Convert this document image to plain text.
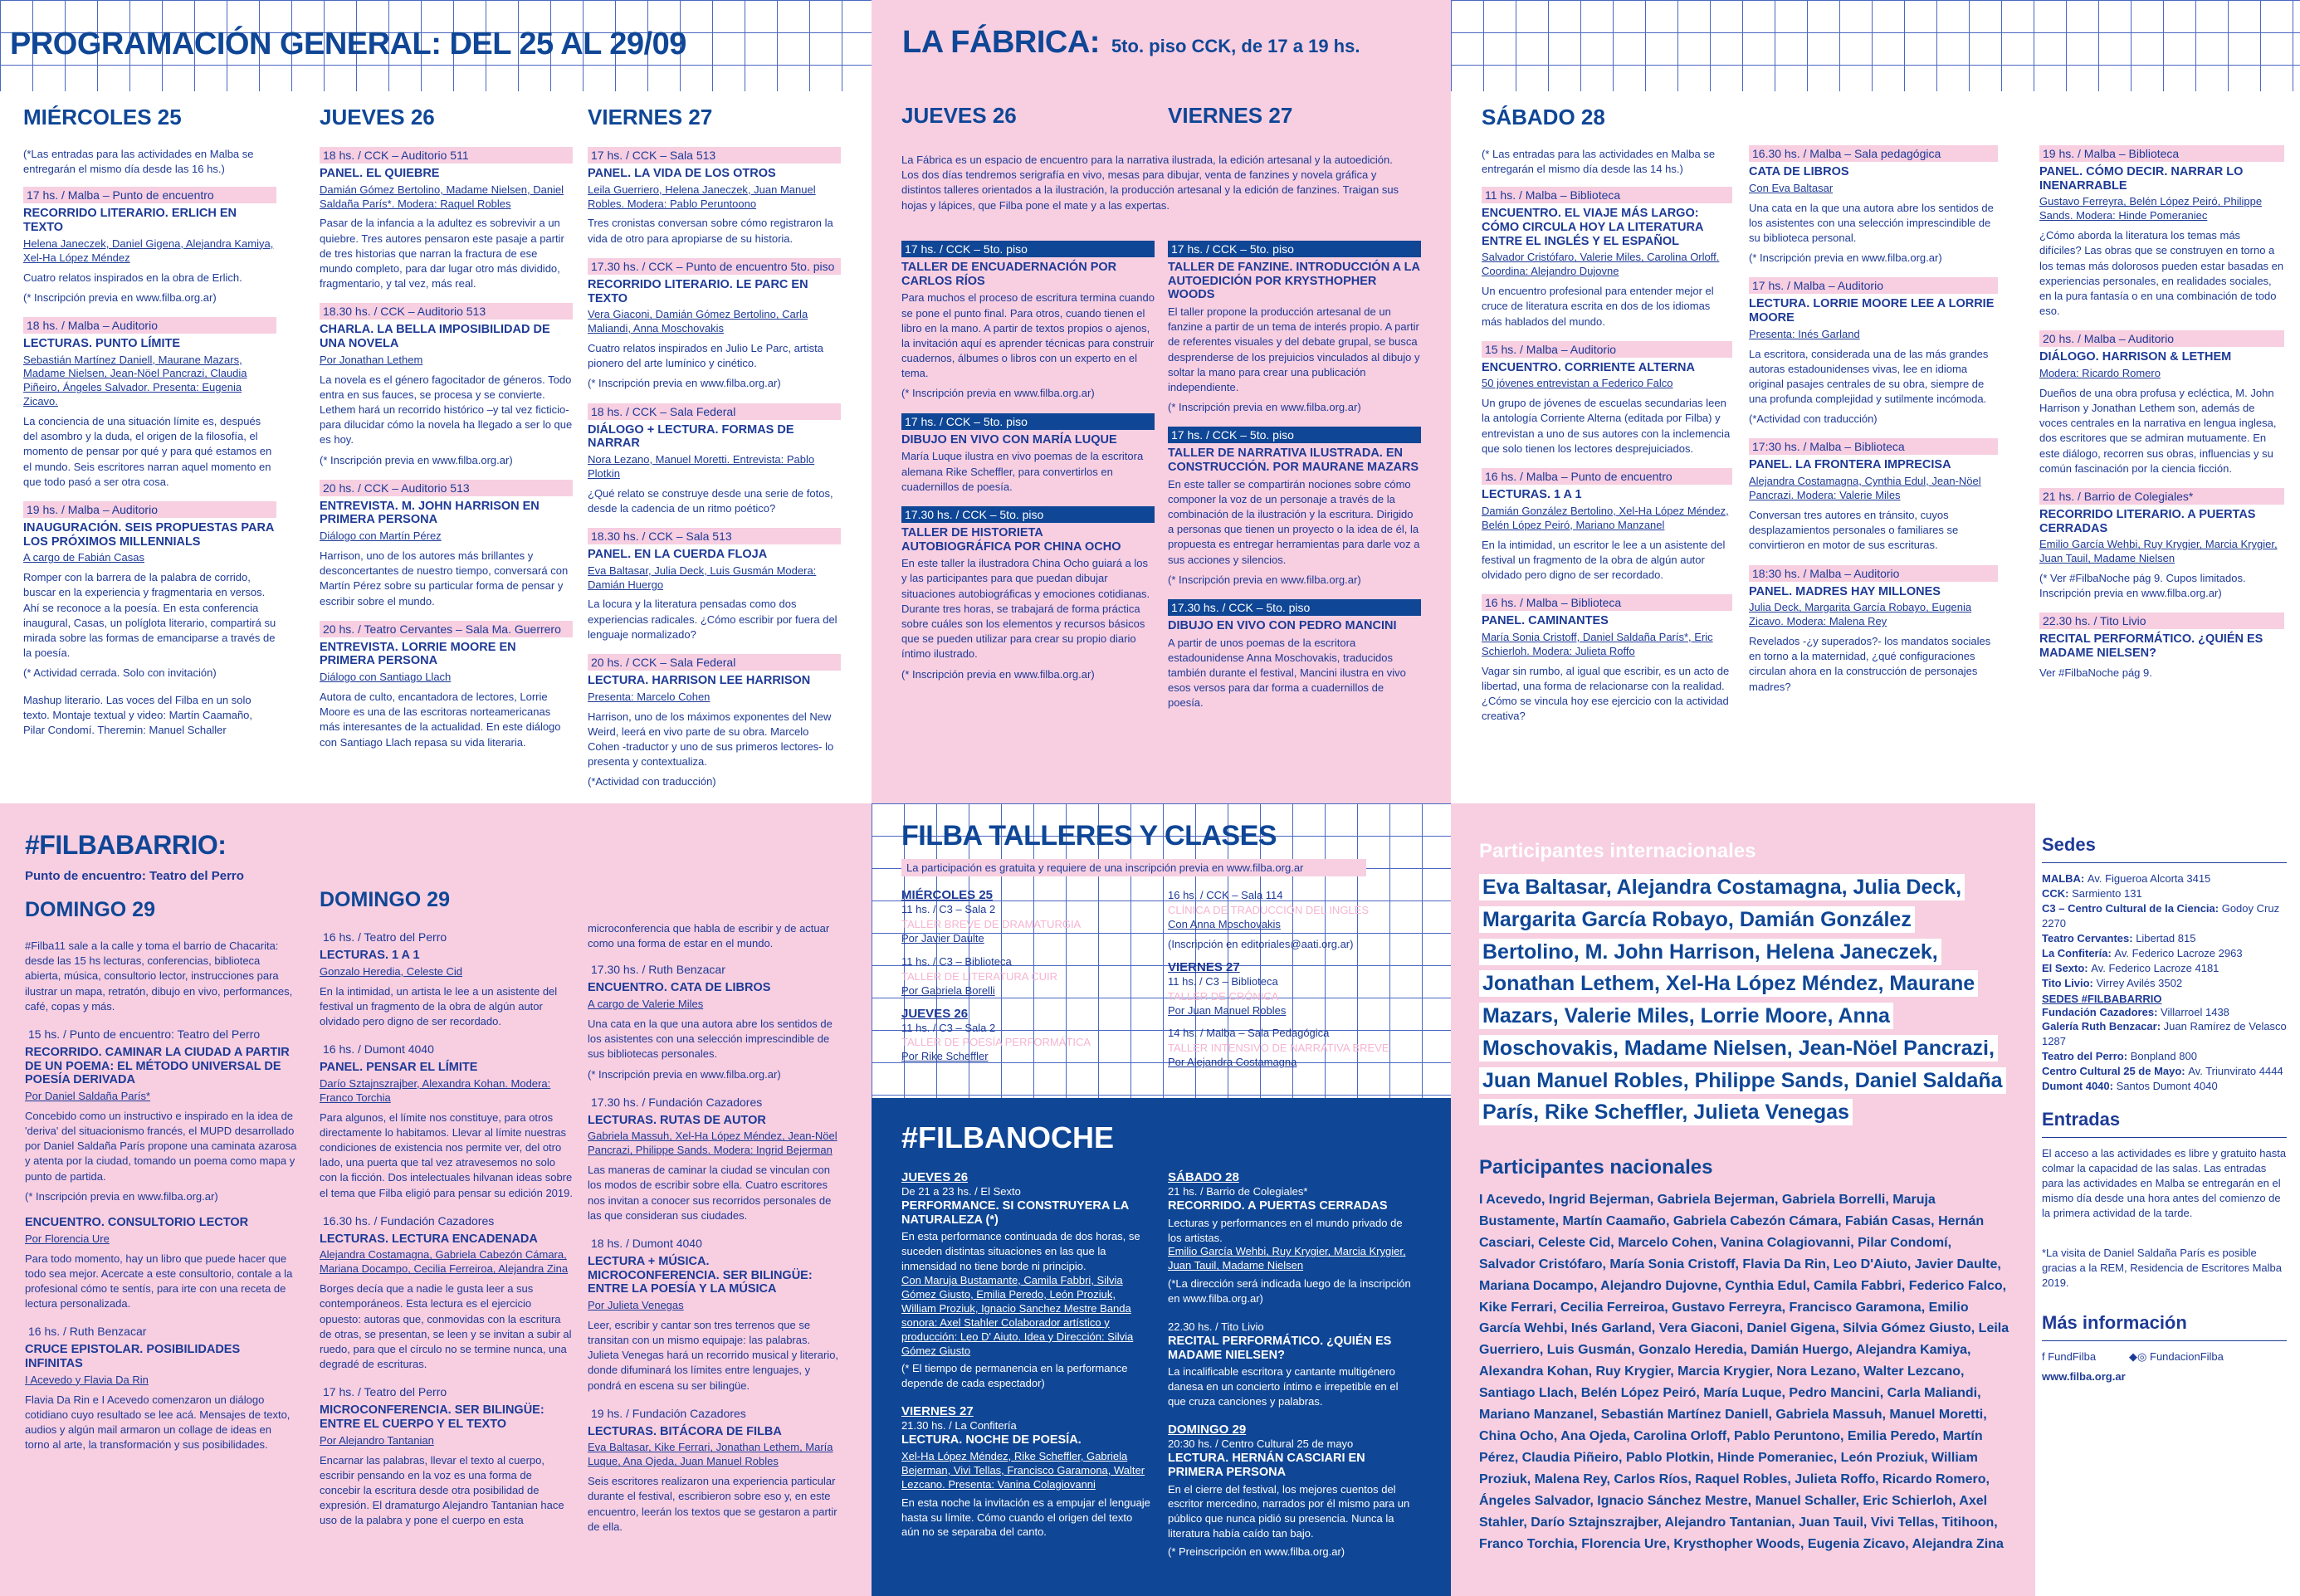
PROGRAMACIÓN GENERAL: DEL 25 AL 29/09	LA FÁBRICA: 5to. piso CCK, de 17 a 19 hs.
MIÉRCOLES 25
(*Las entradas para las actividades en Malba se entregarán el mismo día desde las 16 hs.)
17 hs. / Malba – Punto de encuentro
RECORRIDO LITERARIO. ERLICH EN TEXTO
Helena Janeczek, Daniel Gigena, Alejandra Kamiya, Xel-Ha López Méndez
Cuatro relatos inspirados en la obra de Erlich.
(* Inscripción previa en www.filba.org.ar)
18 hs. / Malba – Auditorio
LECTURAS. PUNTO LÍMITE
Sebastián Martínez Daniell, Maurane Mazars, Madame Nielsen, Jean-Nöel Pancrazi, Claudia Piñeiro, Ángeles Salvador. Presenta: Eugenia Zicavo.
La conciencia de una situación límite es, después del asombro y la duda, el origen de la filosofía, el momento de pensar por qué y para qué estamos en el mundo. Seis escritores narran aquel momento en que todo pasó a ser otra cosa.
19 hs. / Malba – Auditorio
INAUGURACIÓN. SEIS PROPUESTAS PARA LOS PRÓXIMOS MILLENNIALS
A cargo de Fabián Casas
Romper con la barrera de la palabra de corrido, buscar en la experiencia y fragmentaria en versos. Ahí se reconoce a la poesía. En esta conferencia inaugural, Casas, un políglota literario, compartirá su mirada sobre las formas de emanciparse a través de la poesía.
(* Actividad cerrada. Solo con invitación)
Mashup literario. Las voces del Filba en un solo texto. Montaje textual y video: Martín Caamaño, Pilar Condomí. Theremin: Manuel Schaller
JUEVES 26
18 hs. / CCK – Auditorio 511
PANEL. EL QUIEBRE
Damián Gómez Bertolino, Madame Nielsen, Daniel Saldaña París*. Modera: Raquel Robles
Pasar de la infancia a la adultez es sobrevivir a un quiebre. Tres autores pensaron este pasaje a partir de tres historias que narran la fractura de ese mundo completo, para dar lugar otro más dividido, fragmentario, y tal vez, más real.
18.30 hs. / CCK – Auditorio 513
CHARLA. LA BELLA IMPOSIBILIDAD DE UNA NOVELA
Por Jonathan Lethem
La novela es el género fagocitador de géneros. Todo entra en sus fauces, se procesa y se convierte. Lethem hará un recorrido histórico –y tal vez ficticio- para dilucidar cómo la novela ha llegado a ser lo que es hoy.
(* Inscripción previa en www.filba.org.ar)
20 hs. / CCK – Auditorio 513
ENTREVISTA. M. JOHN HARRISON EN PRIMERA PERSONA
Diálogo con Martín Pérez
Harrison, uno de los autores más brillantes y desconcertantes de nuestro tiempo, conversará con Martín Pérez sobre su particular forma de pensar y escribir sobre el mundo.
20 hs. / Teatro Cervantes – Sala Ma. Guerrero
ENTREVISTA. LORRIE MOORE EN PRIMERA PERSONA
Diálogo con Santiago Llach
Autora de culto, encantadora de lectores, Lorrie Moore es una de las escritoras norteamericanas más interesantes de la actualidad. En este diálogo con Santiago Llach repasa su vida literaria.
VIERNES 27
17 hs. / CCK – Sala 513
PANEL. LA VIDA DE LOS OTROS
Leila Guerriero, Helena Janeczek, Juan Manuel Robles. Modera: Pablo Peruntoono
Tres cronistas conversan sobre cómo registraron la vida de otro para apropiarse de su historia.
17.30 hs. / CCK – Punto de encuentro 5to. piso
RECORRIDO LITERARIO. LE PARC EN TEXTO
Vera Giaconi, Damián Gómez Bertolino, Carla Maliandi, Anna Moschovakis
Cuatro relatos inspirados en Julio Le Parc, artista pionero del arte lumínico y cinético.
(* Inscripción previa en www.filba.org.ar)
18 hs. / CCK – Sala Federal
DIÁLOGO + LECTURA. FORMAS DE NARRAR
Nora Lezano, Manuel Moretti. Entrevista: Pablo Plotkin
¿Qué relato se construye desde una serie de fotos, desde la cadencia de un ritmo poético?
18.30 hs. / CCK – Sala 513
PANEL. EN LA CUERDA FLOJA
Eva Baltasar, Julia Deck, Luis Gusmán Modera: Damián Huergo
La locura y la literatura pensadas como dos experiencias radicales. ¿Cómo escribir por fuera del lenguaje normalizado?
20 hs. / CCK – Sala Federal
LECTURA. HARRISON LEE HARRISON
Presenta: Marcelo Cohen
Harrison, uno de los máximos exponentes del New Weird, leerá en vivo parte de su obra. Marcelo Cohen -traductor y uno de sus primeros lectores- lo presenta y contextualiza.
(*Actividad con traducción)
JUEVES 26	VIERNES 27
La Fábrica es un espacio de encuentro para la narrativa ilustrada, la edición artesanal y la autoedición. Los dos días tendremos serigrafía en vivo, mesas para dibujar, venta de fanzines y novela gráfica y distintos talleres orientados a la ilustración, la producción artesanal y la edición de fanzines. Traigan sus hojas y lápices, que Filba pone el mate y a las expertas.
17 hs. / CCK – 5to. piso
TALLER DE ENCUADERNACIÓN POR CARLOS RÍOS
Para muchos el proceso de escritura termina cuando se pone el punto final. Para otros, cuando tienen el libro en la mano. A partir de textos propios o ajenos, la invitación aquí es aprender técnicas para construir cuadernos, álbumes o libros con un experto en el tema.
(* Inscripción previa en www.filba.org.ar)
17 hs. / CCK – 5to. piso
DIBUJO EN VIVO CON MARÍA LUQUE
María Luque ilustra en vivo poemas de la escritora alemana Rike Scheffler, para convertirlos en cuadernillos de poesía.
17.30 hs. / CCK – 5to. piso
TALLER DE HISTORIETA AUTOBIOGRÁFICA POR CHINA OCHO
En este taller la ilustradora China Ocho guiará a los y las participantes para que puedan dibujar situaciones autobiográficas y emociones cotidianas. Durante tres horas, se trabajará de forma práctica sobre cuáles son los elementos y recursos básicos que se pueden utilizar para crear su propio diario íntimo ilustrado.
(* Inscripción previa en www.filba.org.ar)
17 hs. / CCK – 5to. piso
TALLER DE FANZINE. INTRODUCCIÓN A LA AUTOEDICIÓN POR KRYSTHOPHER WOODS
El taller propone la producción artesanal de un fanzine a partir de un tema de interés propio. A partir de referentes visuales y del debate grupal, se busca desprenderse de los prejuicios vinculados al dibujo y soltar la mano para crear una publicación independiente.
(* Inscripción previa en www.filba.org.ar)
17 hs. / CCK – 5to. piso
TALLER DE NARRATIVA ILUSTRADA. EN CONSTRUCCIÓN. POR MAURANE MAZARS
En este taller se compartirán nociones sobre cómo componer la voz de un personaje a través de la combinación de la ilustración y la escritura. Dirigido a personas que tienen un proyecto o la idea de él, la propuesta es entregar herramientas para darle voz a sus acciones y silencios.
(* Inscripción previa en www.filba.org.ar)
17.30 hs. / CCK – 5to. piso
DIBUJO EN VIVO CON PEDRO MANCINI
A partir de unos poemas de la escritora estadounidense Anna Moschovakis, traducidos también durante el festival, Mancini ilustra en vivo esos versos para dar forma a cuadernillos de poesía.
SÁBADO 28
(* Las entradas para las actividades en Malba se entregarán el mismo día desde las 14 hs.)
11 hs. / Malba – Biblioteca
ENCUENTRO. EL VIAJE MÁS LARGO: CÓMO CIRCULA HOY LA LITERATURA ENTRE EL INGLÉS Y EL ESPAÑOL
Salvador Cristófaro, Valerie Miles, Carolina Orloff. Coordina: Alejandro Dujovne
Un encuentro profesional para entender mejor el cruce de literatura escrita en dos de los idiomas más hablados del mundo.
15 hs. / Malba – Auditorio
ENCUENTRO. CORRIENTE ALTERNA
50 jóvenes entrevistan a Federico Falco
Un grupo de jóvenes de escuelas secundarias leen la antología Corriente Alterna (editada por Filba) y entrevistan a uno de sus autores con la inclemencia que solo tienen los lectores desprejuiciados.
16 hs. / Malba – Punto de encuentro
LECTURAS. 1 A 1
Damián González Bertolino, Xel-Ha López Méndez, Belén López Peiró, Mariano Manzanel
En la intimidad, un escritor le lee a un asistente del festival un fragmento de la obra de algún autor olvidado pero digno de ser recordado.
16 hs. / Malba – Biblioteca
PANEL. CAMINANTES
María Sonia Cristoff, Daniel Saldaña París*, Eric Schierloh. Modera: Julieta Roffo
Vagar sin rumbo, al igual que escribir, es un acto de libertad, una forma de relacionarse con la realidad. ¿Cómo se vincula hoy ese ejercicio con la actividad creativa?
16.30 hs. / Malba – Sala pedagógica
CATA DE LIBROS
Con Eva Baltasar
Una cata en la que una autora abre los sentidos de los asistentes con una selección imprescindible de su biblioteca personal.
(* Inscripción previa en www.filba.org.ar)
17 hs. / Malba – Auditorio
LECTURA. LORRIE MOORE LEE A LORRIE MOORE
Presenta: Inés Garland
La escritora, considerada una de las más grandes autoras estadounidenses vivas, lee en idioma original pasajes centrales de su obra, siempre de una profunda complejidad y sutilmente incómoda.
(*Actividad con traducción)
17:30 hs. / Malba – Biblioteca
PANEL. LA FRONTERA IMPRECISA
Alejandra Costamagna, Cynthia Edul, Jean-Nöel Pancrazi. Modera: Valerie Miles
Conversan tres autores en tránsito, cuyos desplazamientos personales o familiares se convirtieron en motor de sus escrituras.
18:30 hs. / Malba – Auditorio
PANEL. MADRES HAY MILLONES
Julia Deck, Margarita García Robayo, Eugenia Zicavo. Modera: Malena Rey
Revelados -¿y superados?- los mandatos sociales en torno a la maternidad, ¿qué configuraciones circulan ahora en la construcción de personajes madres?
19 hs. / Malba – Biblioteca
PANEL. CÓMO DECIR. NARRAR LO INENARRABLE
Gustavo Ferreyra, Belén López Peiró, Philippe Sands. Modera: Hinde Pomeraniec
¿Cómo aborda la literatura los temas más difíciles? Las obras que se construyen en torno a los temas más dolorosos pueden estar basadas en experiencias personales, en realidades sociales, en la pura fantasía o en una combinación de todo eso.
20 hs. / Malba – Auditorio
DIÁLOGO. HARRISON & LETHEM
Modera: Ricardo Romero
Dueños de una obra profusa y ecléctica, M. John Harrison y Jonathan Lethem son, además de voces centrales en la narrativa en lengua inglesa, dos escritores que se admiran mutuamente. En este diálogo, recorren sus obras, influencias y su común fascinación por la ciencia ficción.
21 hs. / Barrio de Colegiales*
RECORRIDO LITERARIO. A PUERTAS CERRADAS
Emilio García Wehbi, Ruy Krygier, Marcia Krygier, Juan Tauil, Madame Nielsen
(* Ver #FilbaNoche pág 9. Cupos limitados. Inscripción previa en www.filba.org.ar)
22.30 hs. / Tito Livio
RECITAL PERFORMÁTICO. ¿QUIÉN ES MADAME NIELSEN?
Ver #FilbaNoche pág 9.
#FILBABARRIO:
Punto de encuentro: Teatro del Perro
DOMINGO 29
#Filba11 sale a la calle y toma el barrio de Chacarita: desde las 15 hs lecturas, conferencias, biblioteca abierta, música, consultorio lector, instrucciones para ilustrar un mapa, retratón, dibujo en vivo, performances, café, copas y más.
15 hs. / Punto de encuentro: Teatro del Perro
RECORRIDO. CAMINAR LA CIUDAD A PARTIR DE UN POEMA: EL MÉTODO UNIVERSAL DE POESÍA DERIVADA
Por Daniel Saldaña París*
Concebido como un instructivo e inspirado en la idea de 'deriva' del situacionismo francés, el MUPD desarrollado por Daniel Saldaña París propone una caminata azarosa y atenta por la ciudad, tomando un poema como mapa y punto de partida.
(* Inscripción previa en www.filba.org.ar)
ENCUENTRO. CONSULTORIO LECTOR
Por Florencia Ure
Para todo momento, hay un libro que puede hacer que todo sea mejor. Acercate a este consultorio, contale a la profesional cómo te sentís, para irte con una receta de lectura personalizada.
16 hs. / Ruth Benzacar
CRUCE EPISTOLAR. POSIBILIDADES INFINITAS
I Acevedo y Flavia Da Rin
Flavia Da Rin e I Acevedo comenzaron un diálogo cotidiano cuyo resultado se lee acá. Mensajes de texto, audios y algún mail armaron un collage de ideas en torno al arte, la transformación y sus posibilidades.
DOMINGO 29
16 hs. / Teatro del Perro
LECTURAS. 1 A 1
Gonzalo Heredia, Celeste Cid
En la intimidad, un artista le lee a un asistente del festival un fragmento de la obra de algún autor olvidado pero digno de ser recordado.
16 hs. / Dumont 4040
PANEL. PENSAR EL LÍMITE
Darío Sztajnszrajber, Alexandra Kohan. Modera: Franco Torchia
Para algunos, el límite nos constituye, para otros directamente lo habitamos. Llevar al límite nuestras condiciones de existencia nos permite ver, del otro lado, una puerta que tal vez atravesemos no solo con la ficción. Dos intelectuales hilvanan ideas sobre el tema que Filba eligió para pensar su edición 2019.
16.30 hs. / Fundación Cazadores
LECTURAS. LECTURA ENCADENADA
Alejandra Costamagna, Gabriela Cabezón Cámara, Mariana Docampo, Cecilia Ferreiroa, Alejandra Zina
Borges decía que a nadie le gusta leer a sus contemporáneos. Esta lectura es el ejercicio opuesto: autoras que, conmovidas con la escritura de otras, se presentan, se leen y se invitan a subir al ruedo, para que el círculo no se termine nunca, una degradé de escrituras.
17 hs. / Teatro del Perro
MICROCONFERENCIA. SER BILINGÜE: ENTRE EL CUERPO Y EL TEXTO
Por Alejandro Tantanian
Encarnar las palabras, llevar el texto al cuerpo, escribir pensando en la voz es una forma de concebir la escritura desde otra posibilidad de expresión. El dramaturgo Alejandro Tantanian hace uso de la palabra y pone el cuerpo en esta
microconferencia que habla de escribir y de actuar como una forma de estar en el mundo.
17.30 hs. / Ruth Benzacar
ENCUENTRO. CATA DE LIBROS
A cargo de Valerie Miles
Una cata en la que una autora abre los sentidos de los asistentes con una selección imprescindible de sus bibliotecas personales.
(* Inscripción previa en www.filba.org.ar)
17.30 hs. / Fundación Cazadores
LECTURAS. RUTAS DE AUTOR
Gabriela Massuh, Xel-Ha López Méndez, Jean-Nöel Pancrazi, Philippe Sands. Modera: Ingrid Bejerman
Las maneras de caminar la ciudad se vinculan con los modos de escribir sobre ella. Cuatro escritores nos invitan a conocer sus recorridos personales de las que consideran sus ciudades.
18 hs. / Dumont 4040
LECTURA + MÚSICA. MICROCONFERENCIA. SER BILINGÜE: ENTRE LA POESÍA Y LA MÚSICA
Por Julieta Venegas
Leer, escribir y cantar son tres terrenos que se transitan con un mismo equipaje: las palabras. Julieta Venegas hará un recorrido musical y literario, donde difuminará los límites entre lenguajes, y pondrá en escena su ser bilingüe.
19 hs. / Fundación Cazadores
LECTURAS. BITÁCORA DE FILBA
Eva Baltasar, Kike Ferrari, Jonathan Lethem, María Luque, Ana Ojeda, Juan Manuel Robles
Seis escritores realizaron una experiencia particular durante el festival, escribieron sobre eso y, en este encuentro, leerán los textos que se gestaron a partir de ella.
FILBA TALLERES Y CLASES
La participación es gratuita y requiere de una inscripción previa en www.filba.org.ar
MIÉRCOLES 25
11 hs. / C3 – Sala 2
TALLER BREVE DE DRAMATURGIA
Por Javier Daulte
11 hs. / C3 – Biblioteca
TALLER DE LITERATURA CUIR
Por Gabriela Borelli
JUEVES 26
11 hs. / C3 – Sala 2
TALLER DE POESÍA PERFORMÁTICA
Por Rike Scheffler
16 hs. / CCK – Sala 114
CLÍNICA DE TRADUCCIÓN DEL INGLÉS
Con Anna Moschovakis
(Inscripción en editoriales@aati.org.ar)
VIERNES 27
11 hs. / C3 – Biblioteca
TALLER DE CRÓNICA
Por Juan Manuel Robles
14 hs. / Malba – Sala Pedagógica
TALLER INTENSIVO DE NARRATIVA BREVE
Por Alejandra Costamagna
#FILBANOCHE
JUEVES 26
De 21 a 23 hs. / El Sexto
PERFORMANCE. SI CONSTRUYERA LA NATURALEZA (*)
En esta performance continuada de dos horas, se suceden distintas situaciones en las que la inmensidad no tiene borde ni principio.
Con Maruja Bustamante, Camila Fabbri, Silvia Gómez Giusto, Emilia Peredo, León Proziuk, William Proziuk, Ignacio Sanchez Mestre Banda sonora: Axel Stahler Colaborador artístico y producción: Leo D' Aiuto. Idea y Dirección: Silvia Gómez Giusto
(* El tiempo de permanencia en la performance depende de cada espectador)
VIERNES 27
21.30 hs. / La Confitería
LECTURA. NOCHE DE POESÍA.
Xel-Ha López Méndez, Rike Scheffler, Gabriela Bejerman, Vivi Tellas, Francisco Garamona, Walter Lezcano. Presenta: Vanina Colagiovanni
En esta noche la invitación es a empujar el lenguaje hasta su límite. Cómo cuando el origen del texto aún no se separaba del canto.
SÁBADO 28
21 hs. / Barrio de Colegiales*
RECORRIDO. A PUERTAS CERRADAS
Lecturas y performances en el mundo privado de los artistas.
Emilio García Wehbi, Ruy Krygier, Marcia Krygier, Juan Tauil, Madame Nielsen
(*La dirección será indicada luego de la inscripción en www.filba.org.ar)
22.30 hs. / Tito Livio
RECITAL PERFORMÁTICO. ¿QUIÉN ES MADAME NIELSEN?
La incalificable escritora y cantante multigénero danesa en un concierto íntimo e irrepetible en el que cruza canciones y palabras.
DOMINGO 29
20:30 hs. / Centro Cultural 25 de mayo
LECTURA. HERNÁN CASCIARI EN PRIMERA PERSONA
En el cierre del festival, los mejores cuentos del escritor mercedino, narrados por él mismo para un público que nunca pidió su presencia. Nunca la literatura había caído tan bajo.
(* Preinscripción en www.filba.org.ar)
Participantes internacionales
Eva Baltasar, Alejandra Costamagna, Julia Deck, Margarita García Robayo, Damián González Bertolino, M. John Harrison, Helena Janeczek, Jonathan Lethem, Xel-Ha López Méndez, Maurane Mazars, Valerie Miles, Lorrie Moore, Anna Moschovakis, Madame Nielsen, Jean-Nöel Pancrazi, Juan Manuel Robles, Philippe Sands, Daniel Saldaña París, Rike Scheffler, Julieta Venegas
Participantes nacionales
I Acevedo, Ingrid Bejerman, Gabriela Bejerman, Gabriela Borrelli, Maruja Bustamente, Martín Caamaño, Gabriela Cabezón Cámara, Fabián Casas, Hernán Casciari, Celeste Cid, Marcelo Cohen, Vanina Colagiovanni, Pilar Condomí, Salvador Cristófaro, María Sonia Cristoff, Flavia Da Rin, Leo D'Aiuto, Javier Daulte, Mariana Docampo, Alejandro Dujovne, Cynthia Edul, Camila Fabbri, Federico Falco, Kike Ferrari, Cecilia Ferreiroa, Gustavo Ferreyra, Francisco Garamona, Emilio García Wehbi, Inés Garland, Vera Giaconi, Daniel Gigena, Silvia Gómez Giusto, Leila Guerriero, Luis Gusmán, Gonzalo Heredia, Damián Huergo, Alejandra Kamiya, Alexandra Kohan, Ruy Krygier, Marcia Krygier, Nora Lezano, Walter Lezcano, Santiago Llach, Belén López Peiró, María Luque, Pedro Mancini, Carla Maliandi, Mariano Manzanel, Sebastián Martínez Daniell, Gabriela Massuh, Manuel Moretti, China Ocho, Ana Ojeda, Carolina Orloff, Pablo Peruntono, Emilia Peredo, Martín Pérez, Claudia Piñeiro, Pablo Plotkin, Hinde Pomeraniec, León Proziuk, William Proziuk, Malena Rey, Carlos Ríos, Raquel Robles, Julieta Roffo, Ricardo Romero, Ángeles Salvador, Ignacio Sánchez Mestre, Manuel Schaller, Eric Schierloh, Axel Stahler, Darío Sztajnszrajber, Alejandro Tantanian, Juan Tauil, Vivi Tellas, Titihoon, Franco Torchia, Florencia Ure, Krysthopher Woods, Eugenia Zicavo, Alejandra Zina
Sedes
MALBA: Av. Figueroa Alcorta 3415
CCK: Sarmiento 131
C3 – Centro Cultural de la Ciencia: Godoy Cruz 2270
Teatro Cervantes: Libertad 815
La Confitería: Av. Federico Lacroze 2963
El Sexto: Av. Federico Lacroze 4181
Tito Livio: Virrey Avilés 3502
SEDES #FILBABARRIO
Fundación Cazadores: Villarroel 1438
Galería Ruth Benzacar: Juan Ramírez de Velasco 1287
Teatro del Perro: Bonpland 800
Centro Cultural 25 de Mayo: Av. Triunvirato 4444
Dumont 4040: Santos Dumont 4040
Entradas
El acceso a las actividades es libre y gratuito hasta colmar la capacidad de las salas. Las entradas para las actividades en Malba se entregarán en el mismo día desde una hora antes del comienzo de la primera actividad de la tarde.
*La visita de Daniel Saldaña París es posible gracias a la REM, Residencia de Escritores Malba 2019.
Más información
f FundFilba	◆◎ FundacionFilba
www.filba.org.ar
